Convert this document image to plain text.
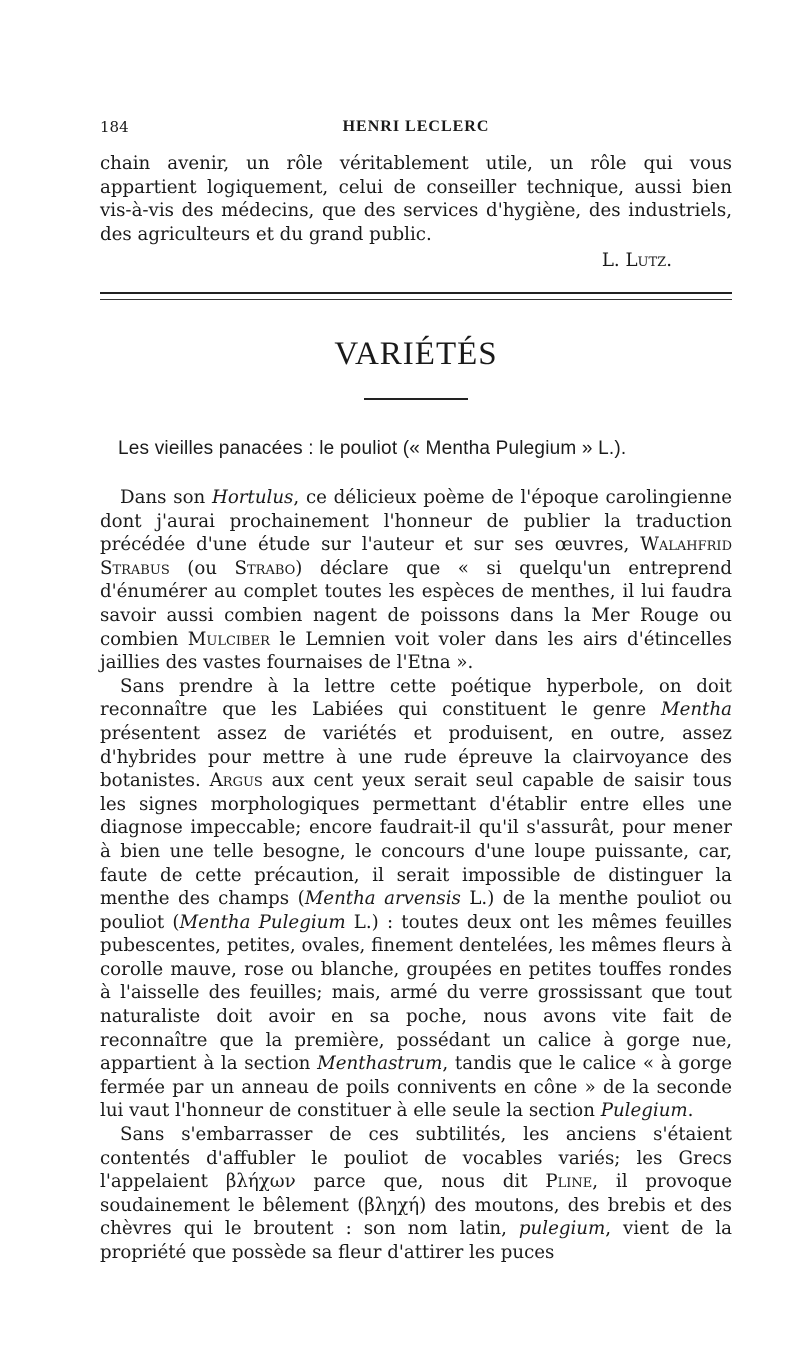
184	HENRI LECLERC

chain avenir, un rôle véritablement utile, un rôle qui vous appartient logiquement, celui de conseiller technique, aussi bien vis-à-vis des médecins, que des services d'hygiène, des industriels, des agriculteurs et du grand public.

L. Lutz.
VARIÉTÉS
Les vieilles panacées : le pouliot (« Mentha Pulegium » L.).

Dans son Hortulus, ce délicieux poème de l'époque carolingienne dont j'aurai prochainement l'honneur de publier la traduction précédée d'une étude sur l'auteur et sur ses œuvres, Walahfrid Strabus (ou Strabo) déclare que « si quelqu'un entreprend d'énumérer au complet toutes les espèces de menthes, il lui faudra savoir aussi combien nagent de poissons dans la Mer Rouge ou combien Mulciber le Lemnien voit voler dans les airs d'étincelles jaillies des vastes fournaises de l'Etna ».

Sans prendre à la lettre cette poétique hyperbole, on doit reconnaître que les Labiées qui constituent le genre Mentha présentent assez de variétés et produisent, en outre, assez d'hybrides pour mettre à une rude épreuve la clairvoyance des botanistes. Argus aux cent yeux serait seul capable de saisir tous les signes morphologiques permettant d'établir entre elles une diagnose impeccable; encore faudrait-il qu'il s'assurât, pour mener à bien une telle besogne, le concours d'une loupe puissante, car, faute de cette précaution, il serait impossible de distinguer la menthe des champs (Mentha arvensis L.) de la menthe pouliot ou pouliot (Mentha Pulegium L.) : toutes deux ont les mêmes feuilles pubescentes, petites, ovales, finement dentelées, les mêmes fleurs à corolle mauve, rose ou blanche, groupées en petites touffes rondes à l'aisselle des feuilles; mais, armé du verre grossissant que tout naturaliste doit avoir en sa poche, nous avons vite fait de reconnaître que la première, possédant un calice à gorge nue, appartient à la section Menthastrum, tandis que le calice « à gorge fermée par un anneau de poils connivents en cône » de la seconde lui vaut l'honneur de constituer à elle seule la section Pulegium.

Sans s'embarrasser de ces subtilités, les anciens s'étaient contentés d'affubler le pouliot de vocables variés; les Grecs l'appelaient βλήχων parce que, nous dit Pline, il provoque soudainement le bêlement (βληχή) des moutons, des brebis et des chèvres qui le broutent : son nom latin, pulegium, vient de la propriété que possède sa fleur d'attirer les puces
